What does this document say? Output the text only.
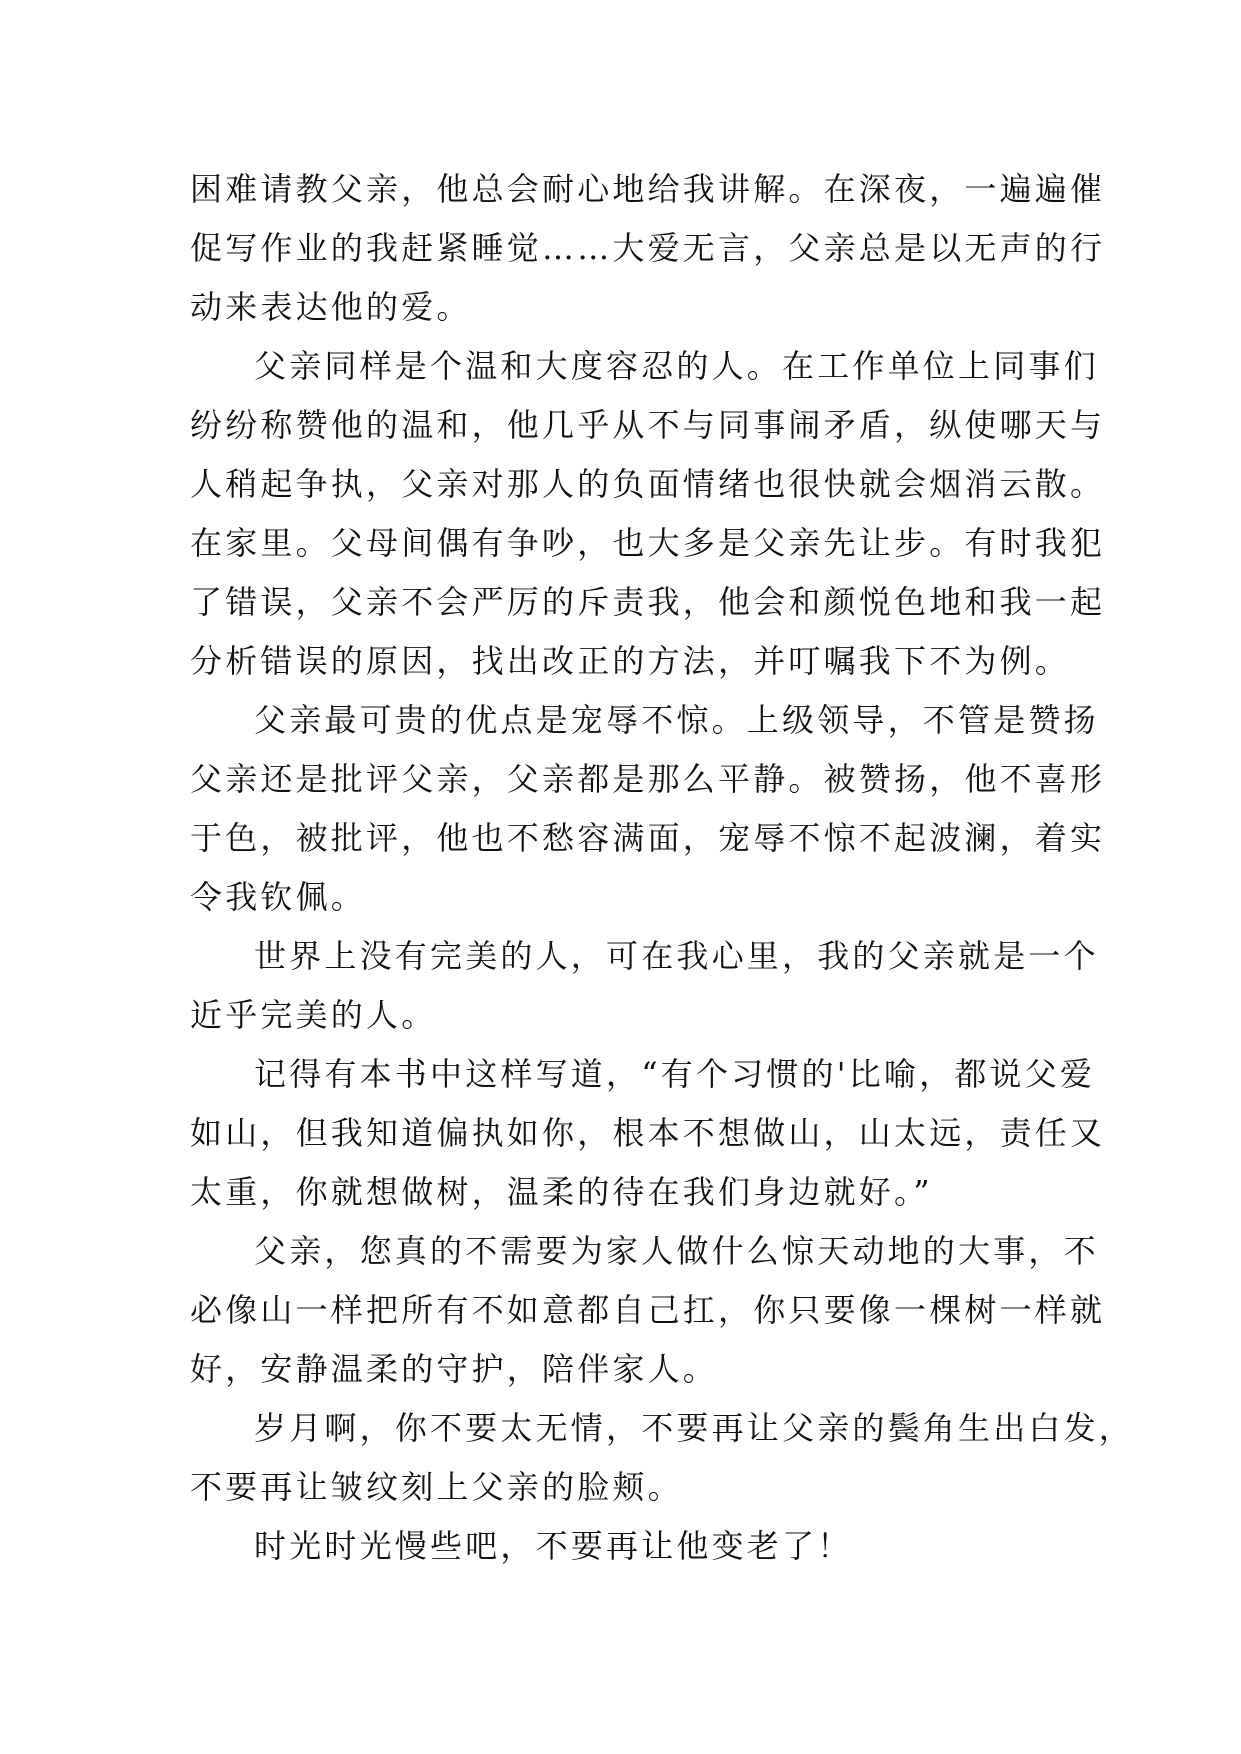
困难请教父亲，他总会耐心地给我讲解。在深夜，一遍遍催
促写作业的我赶紧睡觉……大爱无言，父亲总是以无声的行
动来表达他的爱。
父亲同样是个温和大度容忍的人。在工作单位上同事们
纷纷称赞他的温和，他几乎从不与同事闹矛盾，纵使哪天与
人稍起争执，父亲对那人的负面情绪也很快就会烟消云散。
在家里。父母间偶有争吵，也大多是父亲先让步。有时我犯
了错误，父亲不会严厉的斥责我，他会和颜悦色地和我一起
分析错误的原因，找出改正的方法，并叮嘱我下不为例。
父亲最可贵的优点是宠辱不惊。上级领导，不管是赞扬
父亲还是批评父亲，父亲都是那么平静。被赞扬，他不喜形
于色，被批评，他也不愁容满面，宠辱不惊不起波澜，着实
令我钦佩。
世界上没有完美的人，可在我心里，我的父亲就是一个
近乎完美的人。
记得有本书中这样写道，“有个习惯的'比喻，都说父爱
如山，但我知道偏执如你，根本不想做山，山太远，责任又
太重，你就想做树，温柔的待在我们身边就好。”
父亲，您真的不需要为家人做什么惊天动地的大事，不
必像山一样把所有不如意都自己扛，你只要像一棵树一样就
好，安静温柔的守护，陪伴家人。
岁月啊，你不要太无情，不要再让父亲的鬓角生出白发，
不要再让皱纹刻上父亲的脸颊。
时光时光慢些吧，不要再让他变老了！
